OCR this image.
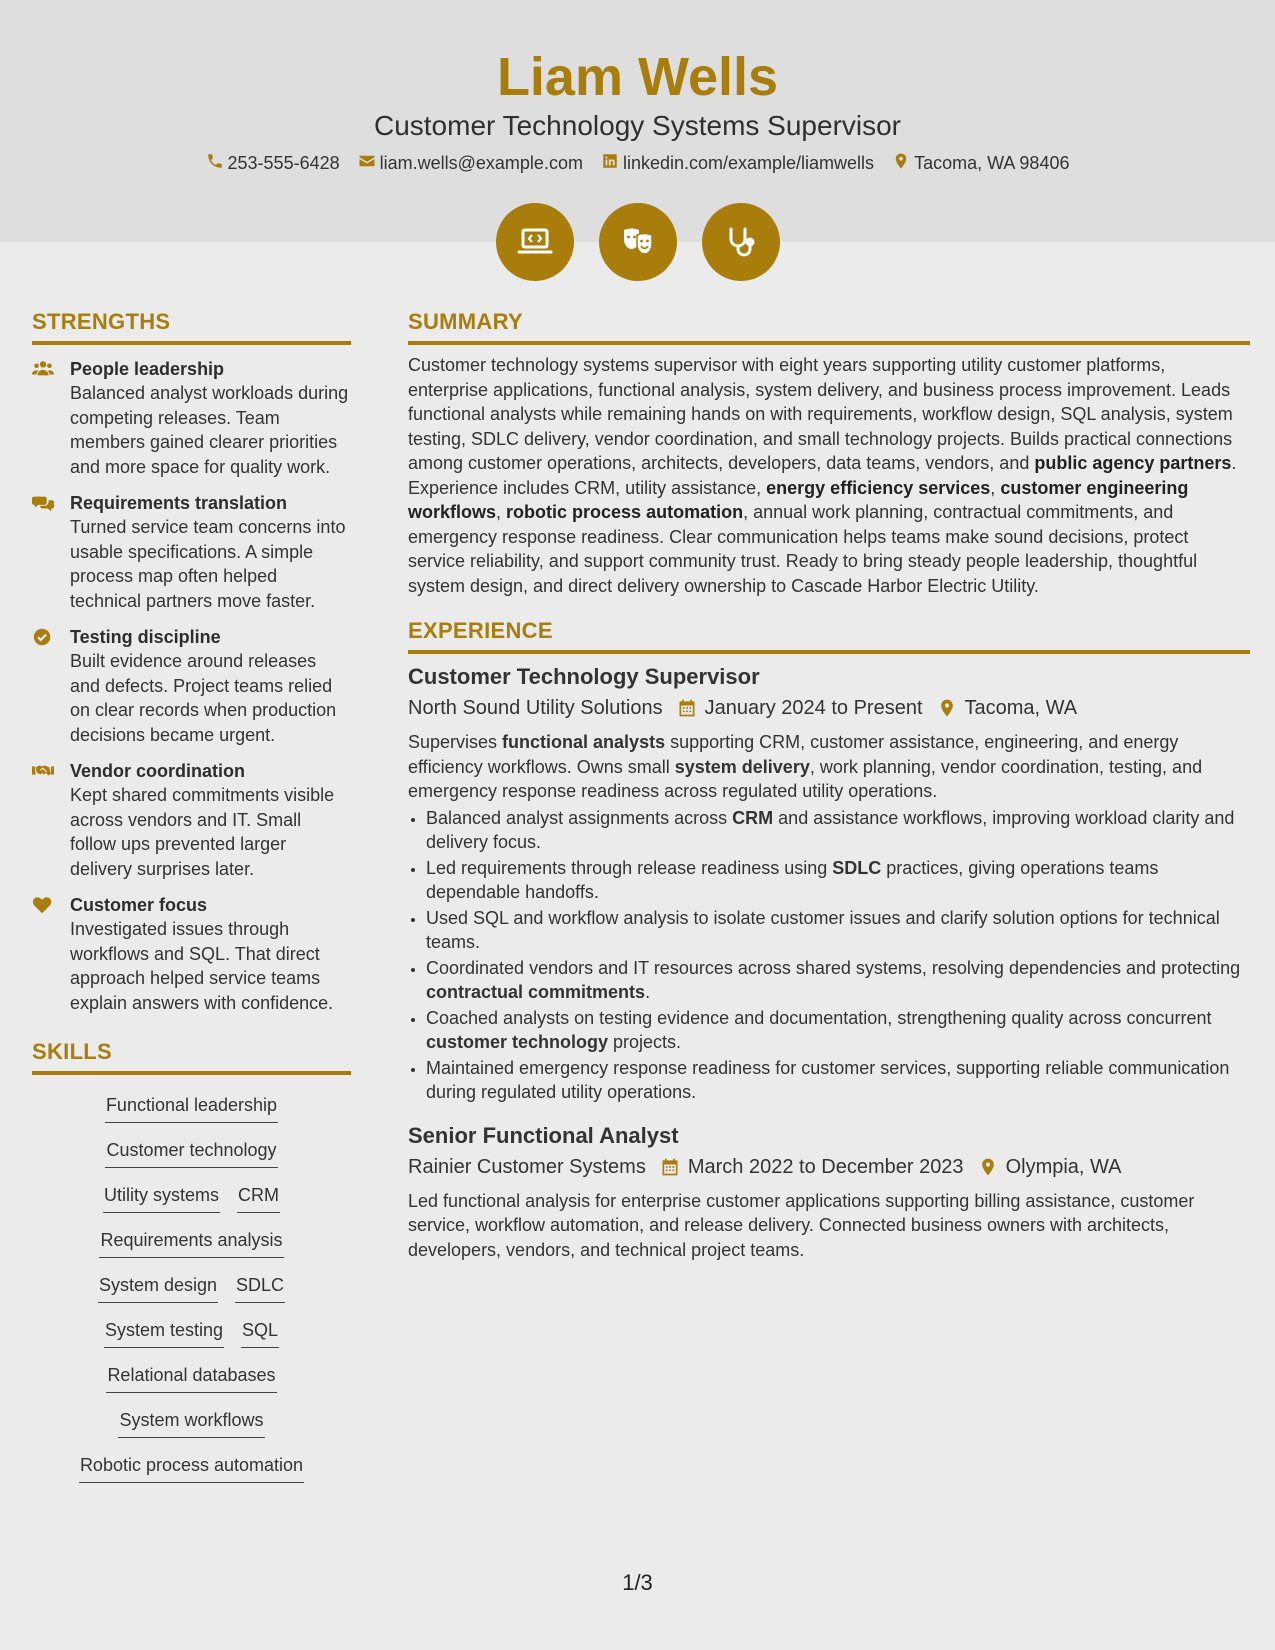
Liam Wells
Customer Technology Systems Supervisor
253-555-6428 liam.wells@example.com linkedin.com/example/liamwells Tacoma, WA 98406
STRENGTHS
People leadership
Balanced analyst workloads during competing releases. Team members gained clearer priorities and more space for quality work.
Requirements translation
Turned service team concerns into usable specifications. A simple process map often helped technical partners move faster.
Testing discipline
Built evidence around releases and defects. Project teams relied on clear records when production decisions became urgent.
Vendor coordination
Kept shared commitments visible across vendors and IT. Small follow ups prevented larger delivery surprises later.
Customer focus
Investigated issues through workflows and SQL. That direct approach helped service teams explain answers with confidence.
SKILLS
Functional leadership
Customer technology
Utility systems CRM
Requirements analysis
System design SDLC
System testing SQL
Relational databases
System workflows
Robotic process automation
SUMMARY

Customer technology systems supervisor with eight years supporting utility customer platforms, enterprise applications, functional analysis, system delivery, and business process improvement. Leads functional analysts while remaining hands on with requirements, workflow design, SQL analysis, system testing, SDLC delivery, vendor coordination, and small technology projects. Builds practical connections among customer operations, architects, developers, data teams, vendors, and public agency partners. Experience includes CRM, utility assistance, energy efficiency services, customer engineering workflows, robotic process automation, annual work planning, contractual commitments, and emergency response readiness. Clear communication helps teams make sound decisions, protect service reliability, and support community trust. Ready to bring steady people leadership, thoughtful system design, and direct delivery ownership to Cascade Harbor Electric Utility.

EXPERIENCE
Customer Technology Supervisor
North Sound Utility Solutions January 2024 to Present Tacoma, WA

Supervises functional analysts supporting CRM, customer assistance, engineering, and energy efficiency workflows. Owns small system delivery, work planning, vendor coordination, testing, and emergency response readiness across regulated utility operations.

• Balanced analyst assignments across CRM and assistance workflows, improving workload clarity and delivery focus.
• Led requirements through release readiness using SDLC practices, giving operations teams dependable handoffs.
• Used SQL and workflow analysis to isolate customer issues and clarify solution options for technical teams.
• Coordinated vendors and IT resources across shared systems, resolving dependencies and protecting contractual commitments.
• Coached analysts on testing evidence and documentation, strengthening quality across concurrent customer technology projects.
• Maintained emergency response readiness for customer services, supporting reliable communication during regulated utility operations.
Senior Functional Analyst
Rainier Customer Systems March 2022 to December 2023 Olympia, WA

Led functional analysis for enterprise customer applications supporting billing assistance, customer service, workflow automation, and release delivery. Connected business owners with architects, developers, vendors, and technical project teams.

1/3
